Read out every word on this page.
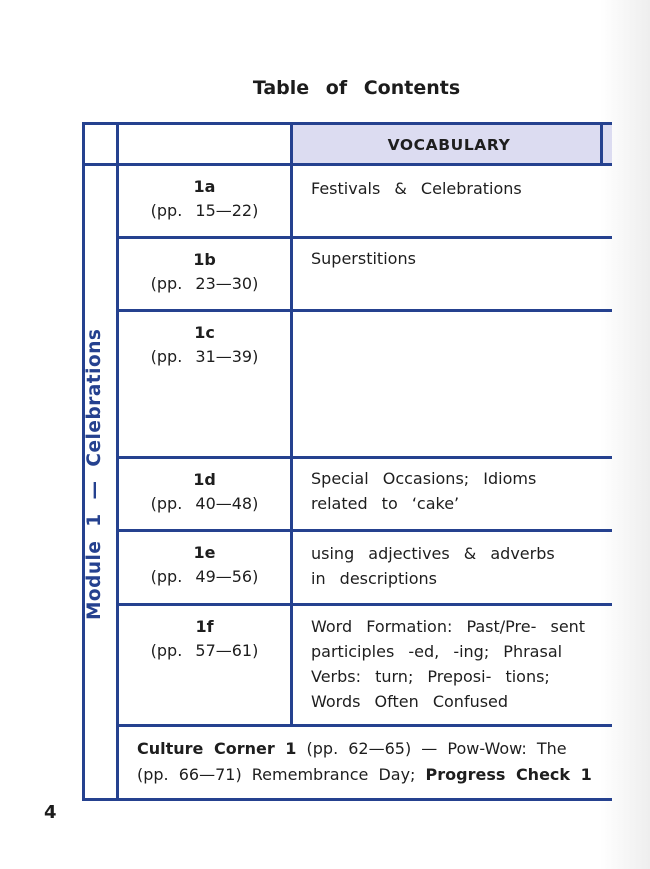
Table of Contents
VOCABULARY
Module  1  —  Celebrations
1a
(pp. 15—22)
Festivals & Celebrations
1b
(pp. 23—30)
Superstitions
1c
(pp. 31—39)
1d
(pp. 40—48)
Special Occasions; Idioms related to ‘cake’
1e
(pp. 49—56)
using adjectives & adverbs in descriptions
1f
(pp. 57—61)
Word Formation: Past/Pre- sent participles -ed, -ing; Phrasal Verbs: turn; Preposi- tions; Words Often Confused
Culture Corner 1 (pp. 62—65) — Pow-Wow: The
(pp. 66—71) Remembrance Day; Progress Check 1
4
